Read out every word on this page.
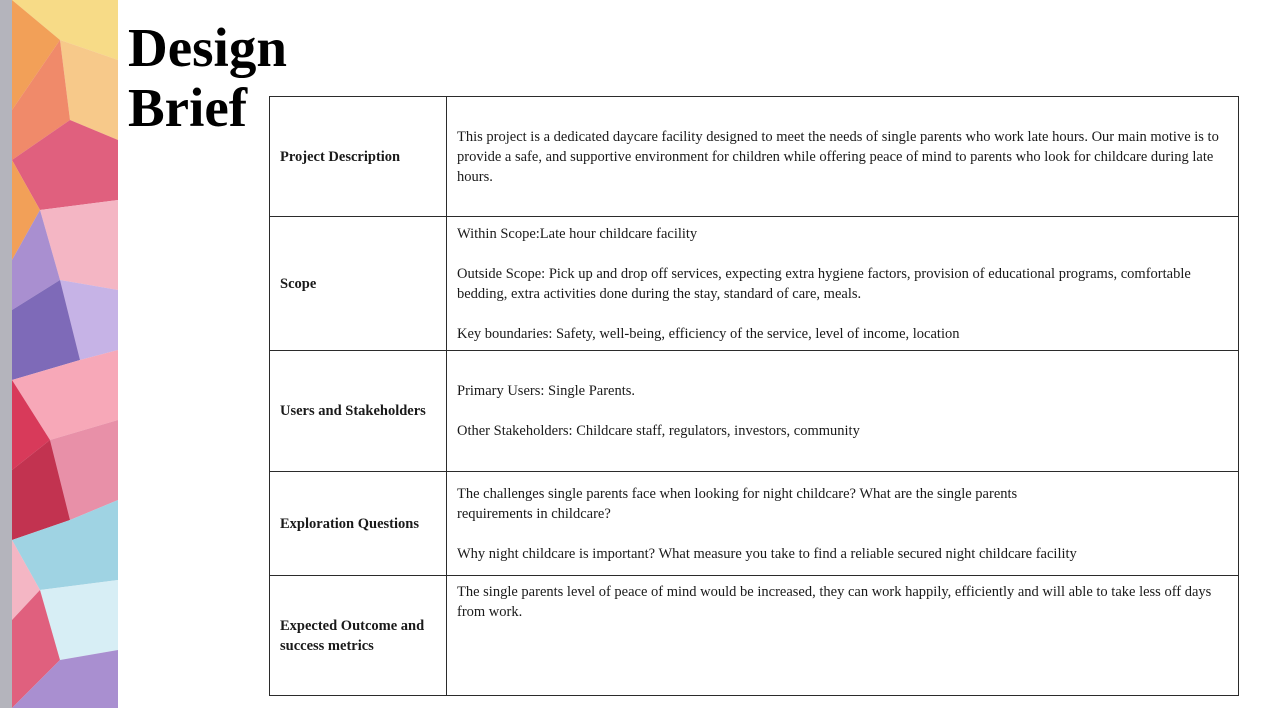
Design
Brief
Project Description	This project is a dedicated daycare facility designed to meet the needs of single parents who work late hours. Our main motive is to provide a safe, and supportive environment for children while offering peace of mind to parents who look for childcare during late hours.

Scope	Within Scope:Late hour childcare facility

Outside Scope: Pick up and drop off services, expecting extra hygiene factors, provision of educational programs, comfortable bedding, extra activities done during the stay, standard of care, meals.

Key boundaries: Safety, well-being, efficiency of the service, level of income, location

Users and Stakeholders	Primary Users: Single Parents.

Other Stakeholders: Childcare staff, regulators, investors, community

Exploration Questions	The challenges single parents face when looking for night childcare? What are the single parents

requirements in childcare?

Why night childcare is important? What measure you take to find a reliable secured night childcare facility

Expected Outcome and success metrics	The single parents level of peace of mind would be increased, they can work happily, efficiently and will able to take less off days from work.
